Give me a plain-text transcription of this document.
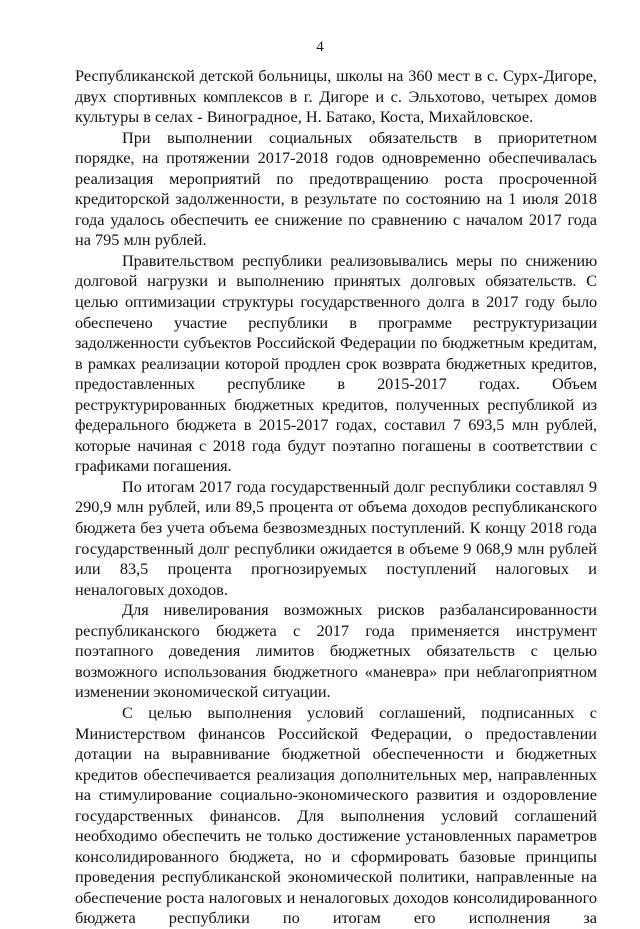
4

Республиканской детской больницы, школы на 360 мест в с. Сурх-Дигоре, двух спортивных комплексов в г. Дигоре и с. Эльхотово, четырех домов культуры в селах - Виноградное, Н. Батако, Коста, Михайловское.

При выполнении социальных обязательств в приоритетном порядке, на протяжении 2017-2018 годов одновременно обеспечивалась реализация мероприятий по предотвращению роста просроченной кредиторской задолженности, в результате по состоянию на 1 июля 2018 года удалось обеспечить ее снижение по сравнению с началом 2017 года на 795 млн рублей.

Правительством республики реализовывались меры по снижению долговой нагрузки и выполнению принятых долговых обязательств. С целью оптимизации структуры государственного долга в 2017 году было обеспечено участие республики в программе реструктуризации задолженности субъектов Российской Федерации по бюджетным кредитам, в рамках реализации которой продлен срок возврата бюджетных кредитов, предоставленных республике в 2015-2017 годах. Объем реструктурированных бюджетных кредитов, полученных республикой из федерального бюджета в 2015-2017 годах, составил 7 693,5 млн рублей, которые начиная с 2018 года будут поэтапно погашены в соответствии с графиками погашения.

По итогам 2017 года государственный долг республики составлял 9 290,9 млн рублей, или 89,5 процента от объема доходов республиканского бюджета без учета объема безвозмездных поступлений. К концу 2018 года государственный долг республики ожидается в объеме 9 068,9 млн рублей или 83,5 процента прогнозируемых поступлений налоговых и неналоговых доходов.

Для нивелирования возможных рисков разбалансированности республиканского бюджета с 2017 года применяется инструмент поэтапного доведения лимитов бюджетных обязательств с целью возможного использования бюджетного «маневра» при неблагоприятном изменении экономической ситуации.

С целью выполнения условий соглашений, подписанных с Министерством финансов Российской Федерации, о предоставлении дотации на выравнивание бюджетной обеспеченности и бюджетных кредитов обеспечивается реализация дополнительных мер, направленных на стимулирование социально-экономического развития и оздоровление государственных финансов. Для выполнения условий соглашений необходимо обеспечить не только достижение установленных параметров консолидированного бюджета, но и сформировать базовые принципы проведения республиканской экономической политики, направленные на обеспечение роста налоговых и неналоговых доходов консолидированного бюджета республики по итогам его исполнения за
